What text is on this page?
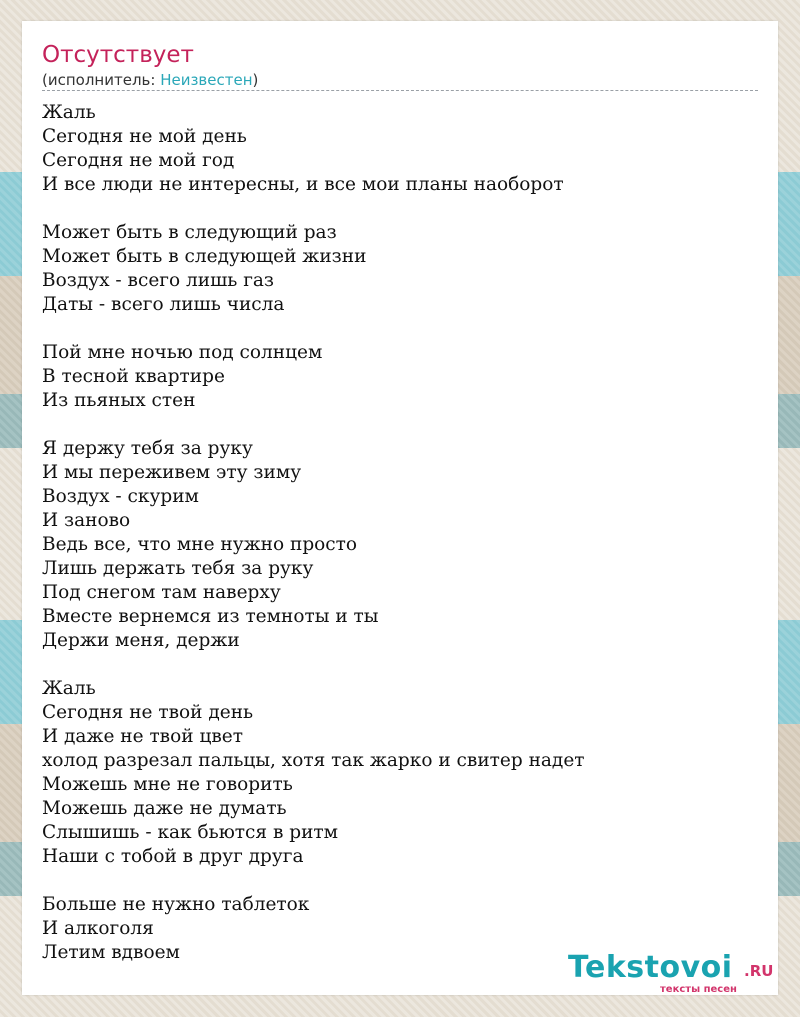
Отсутствует
(исполнитель: Неизвестен)
Жаль
Сегодня не мой день
Сегодня не мой год
И все люди не интересны, и все мои планы наоборот
Может быть в следующий раз
Может быть в следующей жизни
Воздух - всего лишь газ
Даты - всего лишь числа
Пой мне ночью под солнцем
В тесной квартире
Из пьяных стен
Я держу тебя за руку
И мы переживем эту зиму
Воздух - скурим
И заново
Ведь все, что мне нужно просто
Лишь держать тебя за руку
Под снегом там наверху
Вместе вернемся из темноты и ты
Держи меня, держи
Жаль
Сегодня не твой день
И даже не твой цвет
холод разрезал пальцы, хотя так жарко и свитер надет
Можешь мне не говорить
Можешь даже не думать
Слышишь - как бьются в ритм
Наши с тобой в друг друга
Больше не нужно таблеток
И алкоголя
Летим вдвоем	Tekstovoi .RU
тексты песен
